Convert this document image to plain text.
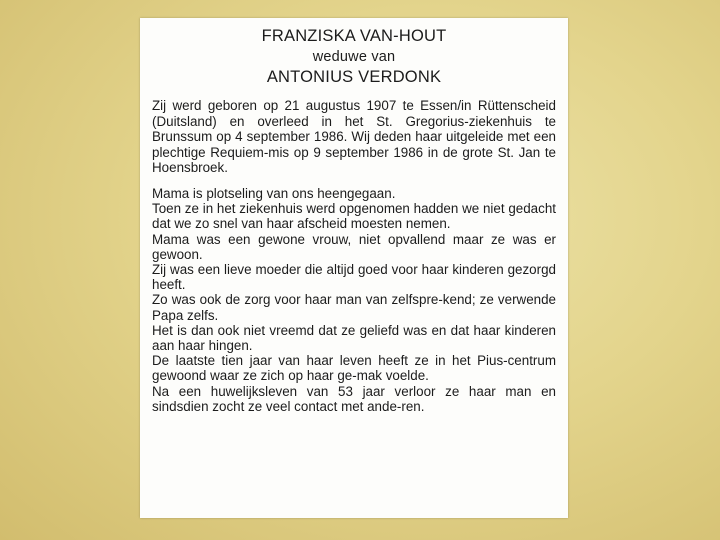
FRANZISKA VAN-HOUT
weduwe van
ANTONIUS VERDONK

Zij werd geboren op 21 augustus 1907 te Essen/in Rüttenscheid (Duitsland) en overleed in het St. Gregorius-ziekenhuis te Brunssum op 4 september 1986. Wij deden haar uitgeleide met een plechtige Requiem-mis op 9 september 1986 in de grote St. Jan te Hoensbroek.

Mama is plotseling van ons heengegaan.

Toen ze in het ziekenhuis werd opgenomen hadden we niet gedacht dat we zo snel van haar afscheid moesten nemen.

Mama was een gewone vrouw, niet opvallend maar ze was er gewoon.

Zij was een lieve moeder die altijd goed voor haar kinderen gezorgd heeft.

Zo was ook de zorg voor haar man van zelfspre-kend; ze verwende Papa zelfs.

Het is dan ook niet vreemd dat ze geliefd was en dat haar kinderen aan haar hingen.

De laatste tien jaar van haar leven heeft ze in het Pius-centrum gewoond waar ze zich op haar ge-mak voelde.

Na een huwelijksleven van 53 jaar verloor ze haar man en sindsdien zocht ze veel contact met ande-ren.
